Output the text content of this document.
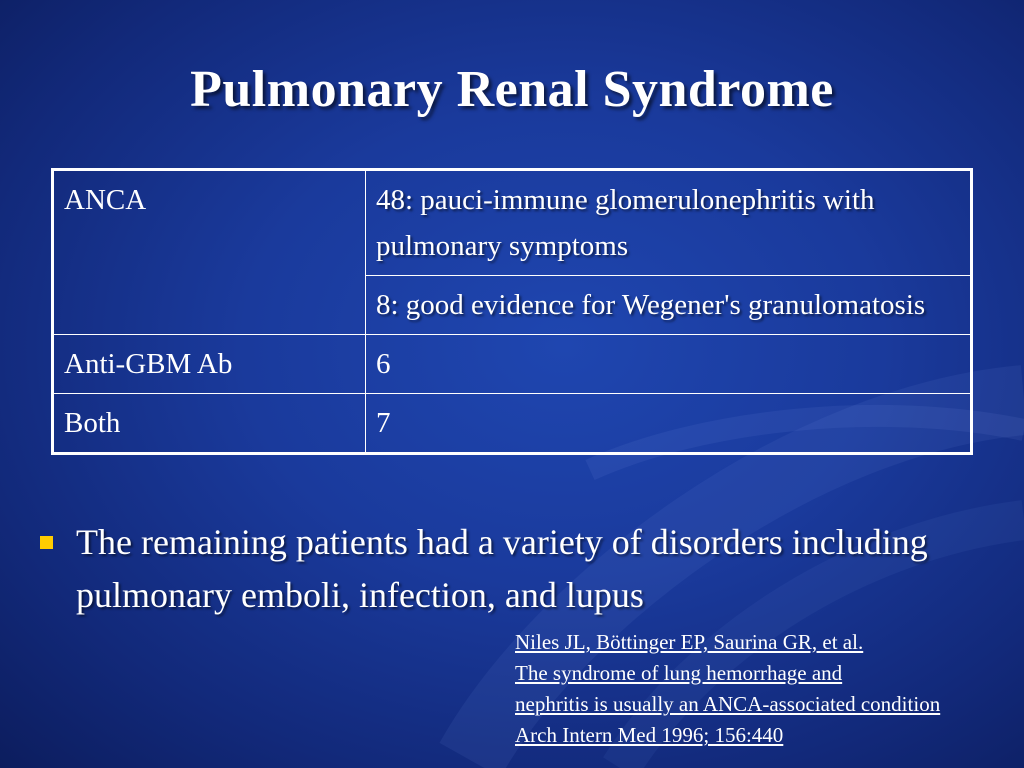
Pulmonary Renal Syndrome
ANCA	48: pauci-immune glomerulonephritis with pulmonary symptoms
	8: good evidence for Wegener's granulomatosis
Anti-GBM Ab	6
Both	7
The remaining patients had a variety of disorders including pulmonary emboli, infection, and lupus
Niles JL, Böttinger EP, Saurina GR, et al.
The syndrome of lung hemorrhage and
nephritis is usually an ANCA-associated condition
Arch Intern Med 1996; 156:440
